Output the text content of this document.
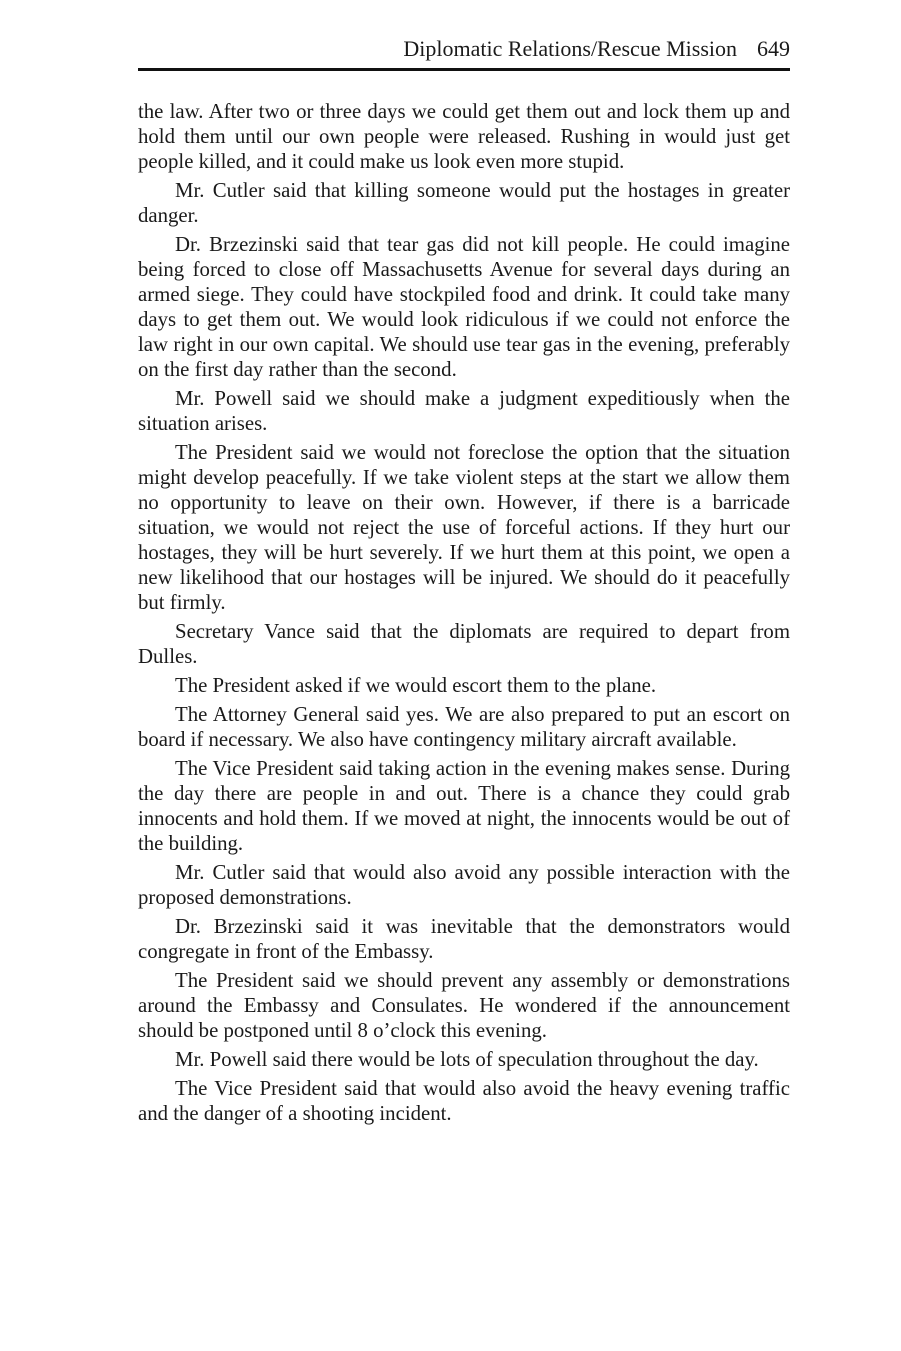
Diplomatic Relations/Rescue Mission 649

the law. After two or three days we could get them out and lock them up and hold them until our own people were released. Rushing in would just get people killed, and it could make us look even more stupid.

Mr. Cutler said that killing someone would put the hostages in greater danger.

Dr. Brzezinski said that tear gas did not kill people. He could imagine being forced to close off Massachusetts Avenue for several days during an armed siege. They could have stockpiled food and drink. It could take many days to get them out. We would look ridiculous if we could not enforce the law right in our own capital. We should use tear gas in the evening, preferably on the first day rather than the second.

Mr. Powell said we should make a judgment expeditiously when the situation arises.

The President said we would not foreclose the option that the situation might develop peacefully. If we take violent steps at the start we allow them no opportunity to leave on their own. However, if there is a barricade situation, we would not reject the use of forceful actions. If they hurt our hostages, they will be hurt severely. If we hurt them at this point, we open a new likelihood that our hostages will be injured. We should do it peacefully but firmly.

Secretary Vance said that the diplomats are required to depart from Dulles.

The President asked if we would escort them to the plane.

The Attorney General said yes. We are also prepared to put an escort on board if necessary. We also have contingency military aircraft available.

The Vice President said taking action in the evening makes sense. During the day there are people in and out. There is a chance they could grab innocents and hold them. If we moved at night, the innocents would be out of the building.

Mr. Cutler said that would also avoid any possible interaction with the proposed demonstrations.

Dr. Brzezinski said it was inevitable that the demonstrators would congregate in front of the Embassy.

The President said we should prevent any assembly or demonstrations around the Embassy and Consulates. He wondered if the announcement should be postponed until 8 o’clock this evening.

Mr. Powell said there would be lots of speculation throughout the day.

The Vice President said that would also avoid the heavy evening traffic and the danger of a shooting incident.
